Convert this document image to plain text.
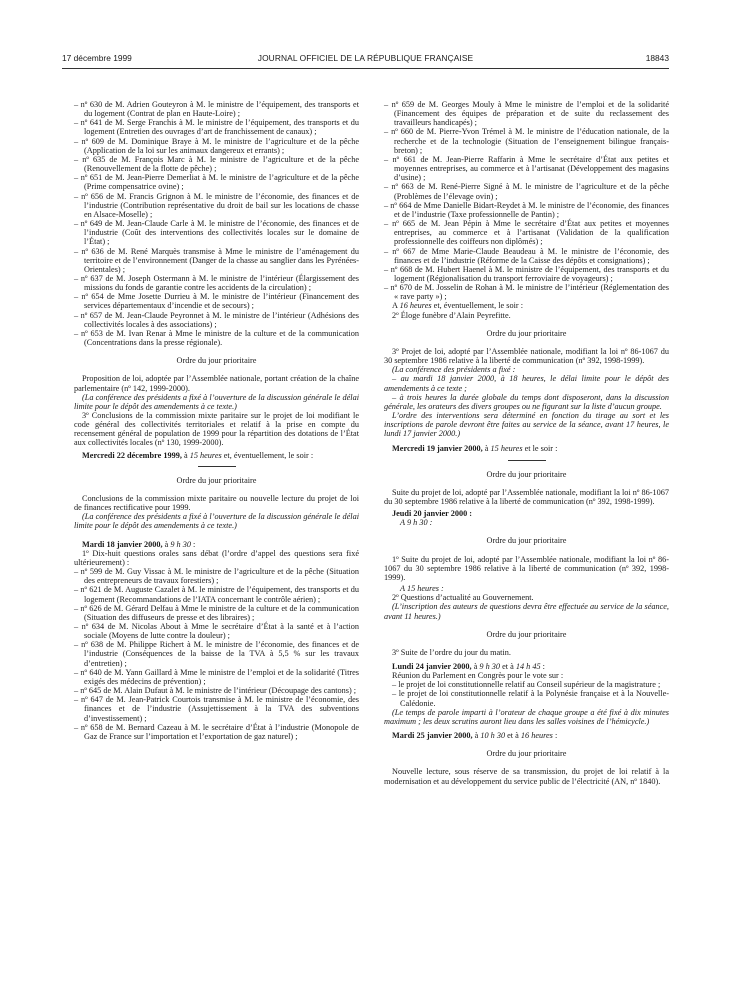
17 décembre 1999	JOURNAL OFFICIEL DE LA RÉPUBLIQUE FRANÇAISE	18843

– nº 630 de M. Adrien Gouteyron à M. le ministre de l’équipement, des transports et du logement (Contrat de plan en Haute-Loire) ;

– nº 641 de M. Serge Franchis à M. le ministre de l’équipement, des transports et du logement (Entretien des ouvrages d’art de franchissement de canaux) ;

– nº 609 de M. Dominique Braye à M. le ministre de l’agriculture et de la pêche (Application de la loi sur les animaux dangereux et errants) ;

– nº 635 de M. François Marc à M. le ministre de l’agriculture et de la pêche (Renouvellement de la flotte de pêche) ;

– nº 651 de M. Jean-Pierre Demerliat à M. le ministre de l’agriculture et de la pêche (Prime compensatrice ovine) ;

– nº 656 de M. Francis Grignon à M. le ministre de l’économie, des finances et de l’industrie (Contribution représentative du droit de bail sur les locations de chasse en Alsace-Moselle) ;

– nº 649 de M. Jean-Claude Carle à M. le ministre de l’économie, des finances et de l’industrie (Coût des interventions des collectivités locales sur le domaine de l’État) ;

– nº 636 de M. René Marquès transmise à Mme le ministre de l’aménagement du territoire et de l’environnement (Danger de la chasse au sanglier dans les Pyrénées-Orientales) ;

– nº 637 de M. Joseph Ostermann à M. le ministre de l’intérieur (Élargissement des missions du fonds de garantie contre les accidents de la circulation) ;

– nº 654 de Mme Josette Durrieu à M. le ministre de l’intérieur (Financement des services départementaux d’incendie et de secours) ;

– nº 657 de M. Jean-Claude Peyronnet à M. le ministre de l’intérieur (Adhésions des collectivités locales à des associations) ;

– nº 653 de M. Ivan Renar à Mme le ministre de la culture et de la communication (Concentrations dans la presse régionale).

Ordre du jour prioritaire

Proposition de loi, adoptée par l’Assemblée nationale, portant création de la chaîne parlementaire (nº 142, 1999-2000).

(La conférence des présidents a fixé à l’ouverture de la discussion générale le délai limite pour le dépôt des amendements à ce texte.)

3º Conclusions de la commission mixte paritaire sur le projet de loi modifiant le code général des collectivités territoriales et relatif à la prise en compte du recensement général de population de 1999 pour la répartition des dotations de l’État aux collectivités locales (nº 130, 1999-2000).

Mercredi 22 décembre 1999, à 15 heures et, éventuellement, le soir :

Ordre du jour prioritaire

Conclusions de la commission mixte paritaire ou nouvelle lecture du projet de loi de finances rectificative pour 1999.

(La conférence des présidents a fixé à l’ouverture de la discussion générale le délai limite pour le dépôt des amendements à ce texte.)

Mardi 18 janvier 2000, à 9 h 30 :

1º Dix-huit questions orales sans débat (l’ordre d’appel des questions sera fixé ultérieurement) :

– nº 599 de M. Guy Vissac à M. le ministre de l’agriculture et de la pêche (Situation des entrepreneurs de travaux forestiers) ;

– nº 621 de M. Auguste Cazalet à M. le ministre de l’équipement, des transports et du logement (Recommandations de l’IATA concernant le contrôle aérien) ;

– nº 626 de M. Gérard Delfau à Mme le ministre de la culture et de la communication (Situation des diffuseurs de presse et des libraires) ;

– nº 634 de M. Nicolas About à Mme le secrétaire d’État à la santé et à l’action sociale (Moyens de lutte contre la douleur) ;

– nº 638 de M. Philippe Richert à M. le ministre de l’économie, des finances et de l’industrie (Conséquences de la baisse de la TVA à 5,5 % sur les travaux d’entretien) ;

– nº 640 de M. Yann Gaillard à Mme le ministre de l’emploi et de la solidarité (Titres exigés des médecins de prévention) ;

– nº 645 de M. Alain Dufaut à M. le ministre de l’intérieur (Découpage des cantons) ;

– nº 647 de M. Jean-Patrick Courtois transmise à M. le ministre de l’économie, des finances et de l’industrie (Assujettissement à la TVA des subventions d’investissement) ;

– nº 658 de M. Bernard Cazeau à M. le secrétaire d’État à l’industrie (Monopole de Gaz de France sur l’importation et l’exportation de gaz naturel) ;

– nº 659 de M. Georges Mouly à Mme le ministre de l’emploi et de la solidarité (Financement des équipes de préparation et de suite du reclassement des travailleurs handicapés) ;

– nº 660 de M. Pierre-Yvon Trémel à M. le ministre de l’éducation nationale, de la recherche et de la technologie (Situation de l’enseignement bilingue français-breton) ;

– nº 661 de M. Jean-Pierre Raffarin à Mme le secrétaire d’État aux petites et moyennes entreprises, au commerce et à l’artisanat (Développement des magasins d’usine) ;

– nº 663 de M. René-Pierre Signé à M. le ministre de l’agriculture et de la pêche (Problèmes de l’élevage ovin) ;

– nº 664 de Mme Danielle Bidart-Reydet à M. le ministre de l’économie, des finances et de l’industrie (Taxe professionnelle de Pantin) ;

– nº 665 de M. Jean Pépin à Mme le secrétaire d’État aux petites et moyennes entreprises, au commerce et à l’artisanat (Validation de la qualification professionnelle des coiffeurs non diplômés) ;

– nº 667 de Mme Marie-Claude Beaudeau à M. le ministre de l’économie, des finances et de l’industrie (Réforme de la Caisse des dépôts et consignations) ;

– nº 668 de M. Hubert Haenel à M. le ministre de l’équipement, des transports et du logement (Régionalisation du transport ferroviaire de voyageurs) ;

– nº 670 de M. Josselin de Rohan à M. le ministre de l’intérieur (Réglementation des « rave party ») ;

A 16 heures et, éventuellement, le soir :

2º Éloge funèbre d’Alain Peyrefitte.

Ordre du jour prioritaire

3º Projet de loi, adopté par l’Assemblée nationale, modifiant la loi nº 86-1067 du 30 septembre 1986 relative à la liberté de communication (nº 392, 1998-1999).

(La conférence des présidents a fixé :

– au mardi 18 janvier 2000, à 18 heures, le délai limite pour le dépôt des amendements à ce texte ;

– à trois heures la durée globale du temps dont disposeront, dans la discussion générale, les orateurs des divers groupes ou ne figurant sur la liste d’aucun groupe.

L’ordre des interventions sera déterminé en fonction du tirage au sort et les inscriptions de parole devront être faites au service de la séance, avant 17 heures, le lundi 17 janvier 2000.)

Mercredi 19 janvier 2000, à 15 heures et le soir :

Ordre du jour prioritaire

Suite du projet de loi, adopté par l’Assemblée nationale, modifiant la loi nº 86-1067 du 30 septembre 1986 relative à la liberté de communication (nº 392, 1998-1999).

Jeudi 20 janvier 2000 :

A 9 h 30 :

Ordre du jour prioritaire

1º Suite du projet de loi, adopté par l’Assemblée nationale, modifiant la loi nº 86-1067 du 30 septembre 1986 relative à la liberté de communication (nº 392, 1998-1999).

A 15 heures :

2º Questions d’actualité au Gouvernement.

(L’inscription des auteurs de questions devra être effectuée au service de la séance, avant 11 heures.)

Ordre du jour prioritaire

3º Suite de l’ordre du jour du matin.

Lundi 24 janvier 2000, à 9 h 30 et à 14 h 45 :

Réunion du Parlement en Congrès pour le vote sur :

– le projet de loi constitutionnelle relatif au Conseil supérieur de la magistrature ;

– le projet de loi constitutionnelle relatif à la Polynésie française et à la Nouvelle-Calédonie.

(Le temps de parole imparti à l’orateur de chaque groupe a été fixé à dix minutes maximum ; les deux scrutins auront lieu dans les salles voisines de l’hémicycle.)

Mardi 25 janvier 2000, à 10 h 30 et à 16 heures :

Ordre du jour prioritaire

Nouvelle lecture, sous réserve de sa transmission, du projet de loi relatif à la modernisation et au développement du service public de l’électricité (AN, nº 1840).
